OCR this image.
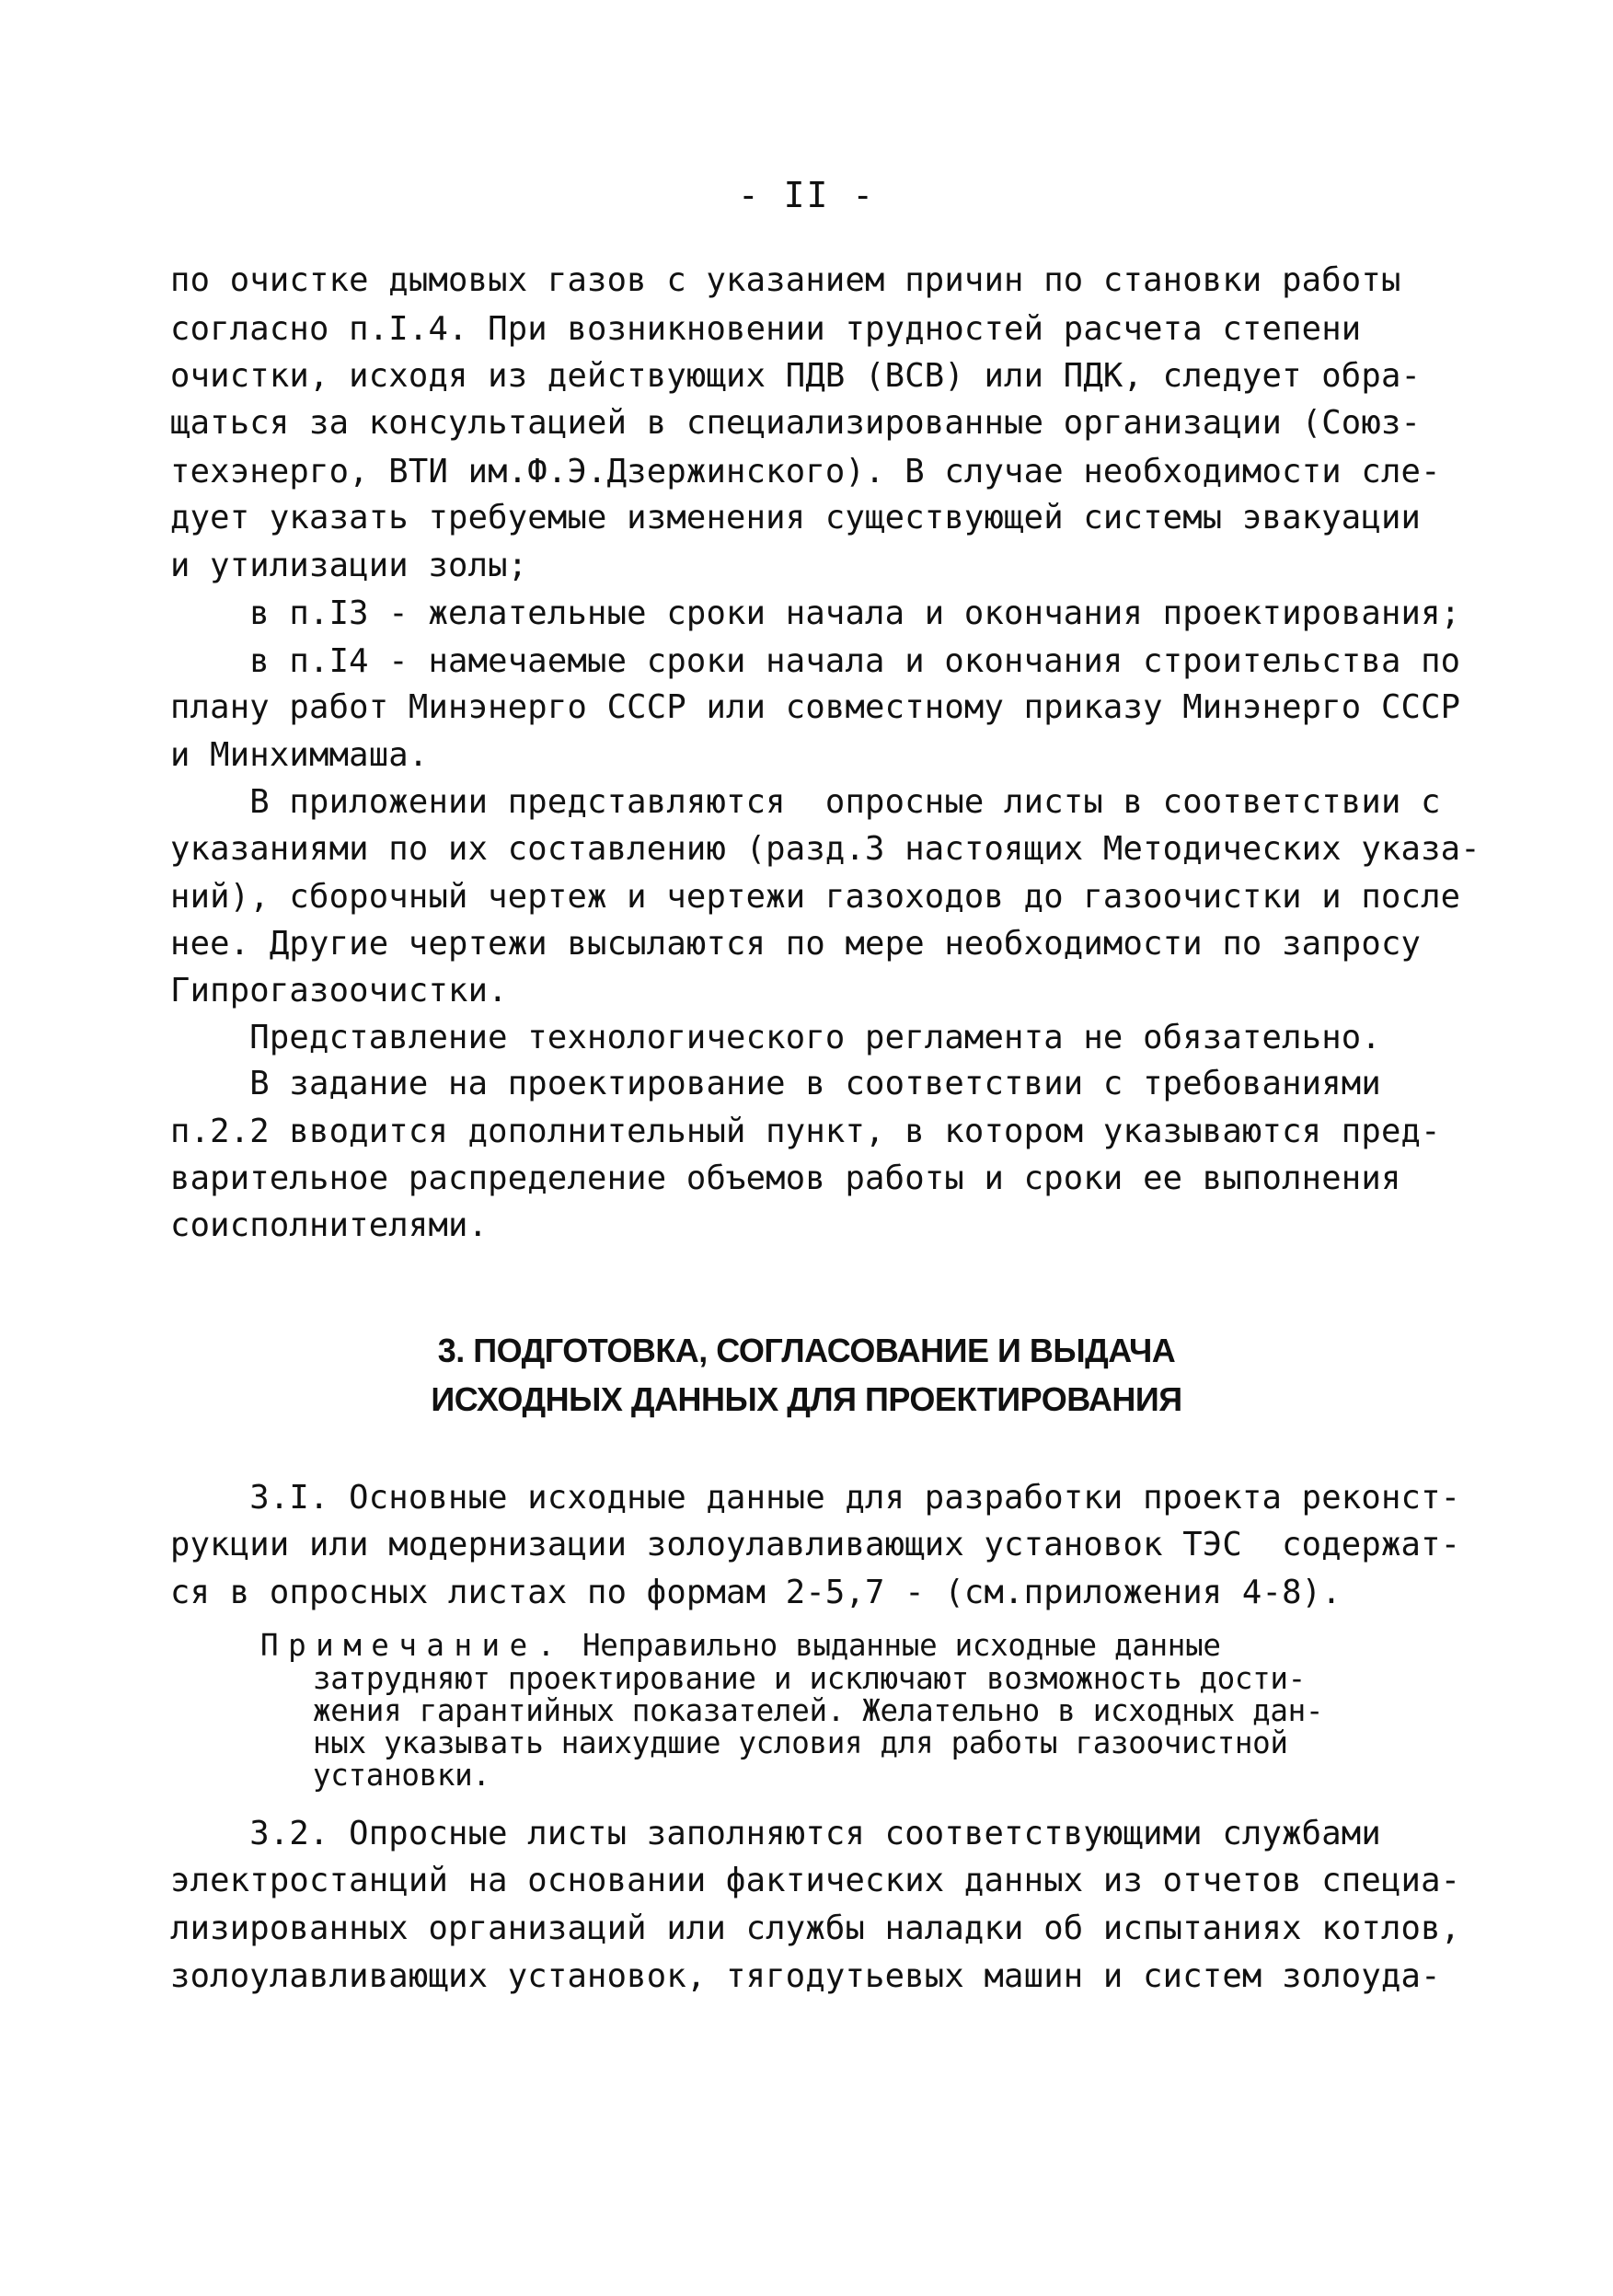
- II -
по очистке дымовых газов с указанием причин по становки работы
согласно п.I.4. При возникновении трудностей расчета степени
очистки, исходя из действующих ПДВ (ВСВ) или ПДК, следует обра-
щаться за консультацией в специализированные организации (Союз-
техэнерго, ВТИ им.Ф.Э.Дзержинского). В случае необходимости сле-
дует указать требуемые изменения существующей системы эвакуации
и утилизации золы;
в п.I3 - желательные сроки начала и окончания проектирования;
в п.I4 - намечаемые сроки начала и окончания строительства по
плану работ Минэнерго СССР или совместному приказу Минэнерго СССР
и Минхиммаша.
В приложении представляются  опросные листы в соответствии с
указаниями по их составлению (разд.3 настоящих Методических указа-
ний), сборочный чертеж и чертежи газоходов до газоочистки и после
нее. Другие чертежи высылаются по мере необходимости по запросу
Гипрогазоочистки.
Представление технологического регламента не обязательно.
В задание на проектирование в соответствии с требованиями
п.2.2 вводится дополнительный пункт, в котором указываются пред-
варительное распределение объемов работы и сроки ее выполнения
соисполнителями.
3. ПОДГОТОВКА, СОГЛАСОВАНИЕ И ВЫДАЧА
ИСХОДНЫХ ДАННЫХ ДЛЯ ПРОЕКТИРОВАНИЯ
3.I. Основные исходные данные для разработки проекта реконст-
рукции или модернизации золоулавливающих установок ТЭС  содержат-
ся в опросных листах по формам 2-5,7 - (см.приложения 4-8).
Примечание. Неправильно выданные исходные данные
затрудняют проектирование и исключают возможность дости-
жения гарантийных показателей. Желательно в исходных дан-
ных указывать наихудшие условия для работы газоочистной
установки.
3.2. Опросные листы заполняются соответствующими службами
электростанций на основании фактических данных из отчетов специа-
лизированных организаций или службы наладки об испытаниях котлов,
золоулавливающих установок, тягодутьевых машин и систем золоуда-
